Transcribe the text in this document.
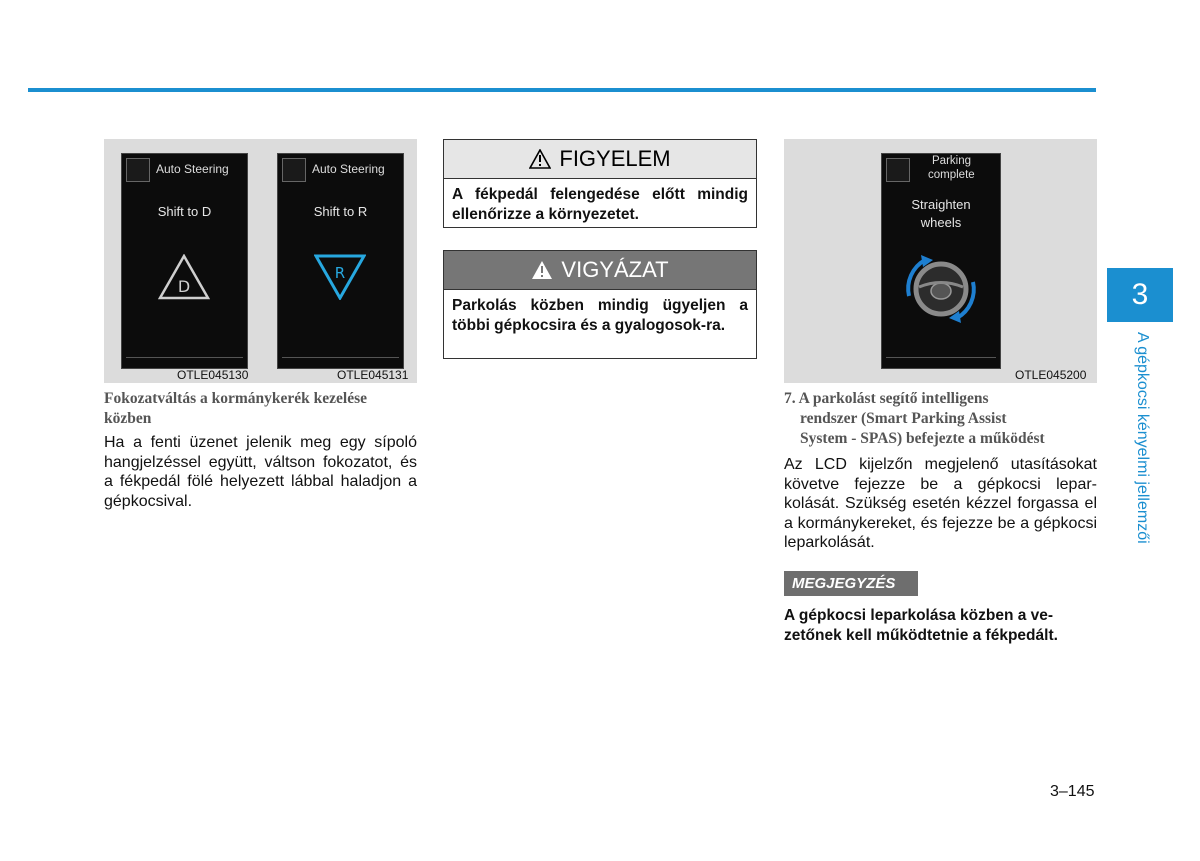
Auto Steering
Shift to D
D
Auto Steering
Shift to R
R
OTLE045130	OTLE045131
Fokozatváltás a kormánykerék kezelése
közben
Ha a fenti üzenet jelenik meg egy sípoló hangjelzéssel együtt, váltson fokozatot, és a fékpedál fölé helyezett lábbal haladjon a gépkocsival.
FIGYELEM
A fékpedál felengedése előtt mindig ellenőrizze a környezetet.
VIGYÁZAT
Parkolás közben mindig ügyeljen a többi gépkocsira és a gyalogosok-ra.
Parking
complete
Straighten
wheels
OTLE045200
7. A parkolást segítő intelligens
rendszer (Smart Parking Assist
System - SPAS) befejezte a működést
Az LCD kijelzőn megjelenő utasításokat követve fejezze be a gépkocsi lepar-kolását. Szükség esetén kézzel forgassa el a kormánykereket, és fejezze be a gépkocsi leparkolását.
MEGJEGYZÉS
A gépkocsi leparkolása közben a ve-zetőnek kell működtetnie a fékpedált.
3
A gépkocsi kényelmi jellemzői
3–145
